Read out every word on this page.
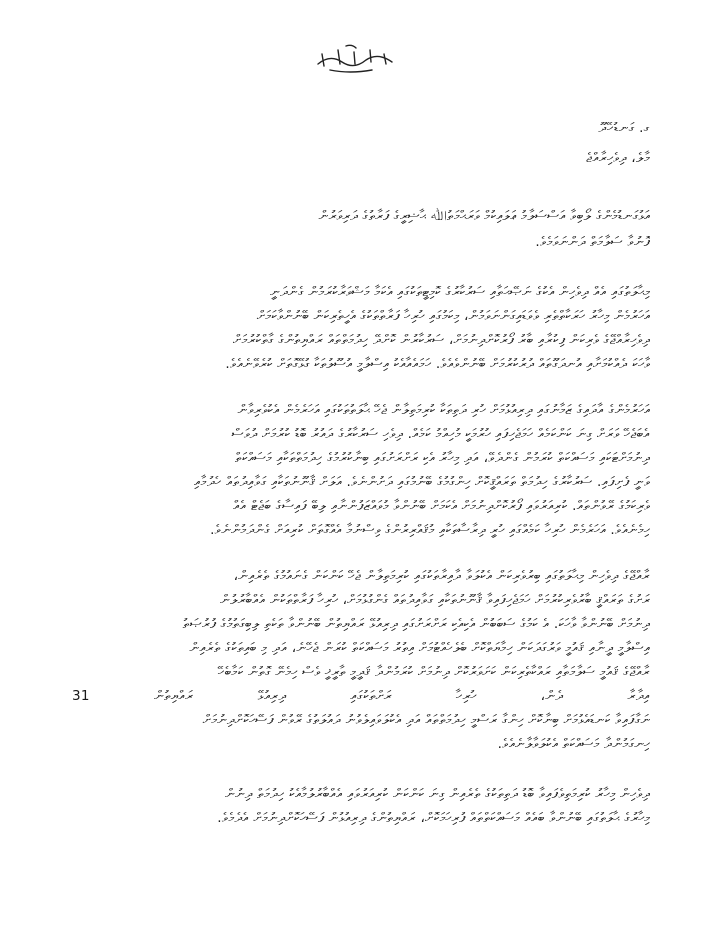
ގ. ގަނޑުހޭދޫ
މާލެ، ދިވެހިރާއްޖެ
އަޅުގަނޑުމެންގެ ލޯބިވާ އަސްސަލާމު ޢަލައިކުމް ވަރަޙްމަތުﷲ ޙާޟިރީގެ ފަރާތުގެ ދަރިވަރުން
ފޮނުވާ ސަލާމަތް ދަންނަވަމެވެ.
މިޙާލަތުގައި އެއް ދިވެހިން އެކުގެ ނަޞޭޙަތާއި ސަރުކާރުގެ ކޮމިޓީތަކުގައި އެކަމާ މަޝްވަރާކުރަމުން ގެންދަނީ
އަހަރުމެން މިހާރު ހަރަކާތްތެރި ވެވަޑައިގަންނަވަމުން، މިކަމުގައި ހުރިހާ ފަރާތްތަކުގެ އެހީތެރިކަން ބޭނުންވާކަމަށް
ދިވެހިރާއްޖޭގެ ވެރިކަން ފިކުރާއި ބާރު ފޯރުކޮށްދިނުމަށް، ސަރުކާރުން ކޮށްދޭ ހިދުމަތްތައް ރައްޔިތުންގެ ގާތްކުރުމަށް
ވާހަކަ ދެއްކުމަށާއި އުނދަގޫތައް ދުރުކުރުމަށް ބޭނުންވެއެވެ. ހަމައެއާއެކު އިސްލާމީ އުސޫލުތަކާ ގުޅޭގޮތަށް ކުރެވޭނެއެވެ.
އަހަރުމެންގެ އާދައިގެ ޒަމާނުގައި ދިރިއުޅުމަށް ހުރި ދަތިތަކާ ކުރިމަތިލާން ޖެހޭ ޙާލަތުތަކުގައި އަހަރެމެން އެކުވެރިވާން
އެބަޖެހޭ ވަރަށް ގިނަ ކަންކަމެއް ހަމަޖެހިފައި ހުރުމަކީ މުހިއްމު ކަމެއް. ދިވެހި ސަރުކާރުގެ ދައުރު ބޮޑު ކުރުމަށް ދުވަސް
ދިނުމަށްޓަކައި މަސައްކަތް ކުރަމުން ގެންދެވޭ، އަދި މިހާރު އެކި ރަށްރަށުގައި ބިނާކުރުމުގެ ހިދުމަތްތަކާއި މަސައްކަތް
ވަނީ ފެށިފައި. ސަރުކާރުގެ ހިދުމަތް ތަރައްޤީކޮށް ހިންގުމުގެ ބޭނުމުގައި ދަށުންނެވެ. އަލަށް ޤާނޫނުތަކާއި ގަވާއިދުތައް ހެދުމާއި
ވެރިކަމުގެ ރޭވުންތައް. ކުރިއަރުވައި ފޯރުކޮށްދިނުމަށް އެކަމަށް ބޭނުންވާ މުވައްޒަފުންނާއި ލިބޭ ފައިސާގެ ބަޖެޓް އެއް
ހިމެނެއެވެ. އަހަރެމެން ހުރިހާ ކަމެއްގައި ހުރީ ދިރާސާތަކާއި މުޤައްރިރުންގެ ވިސްނުމާ އެއްގޮތަށް ކުރިއަށް ގެންދަމުންނެވެ.
ރާއްޖޭގެ ދިވެހިން މިޙާލަތުގައި ބިރުވެރިކަން އެކުލަވާ ދާއިރާތަކުގައި ކުރިމަތިލާން ޖެހޭ ކަންކަން ގެނައުމުގެ ތެރެއިން،
ރަށުގެ ތަރައްޤީ ބާރުވެރިކުރުމަށް ހަމަޖެހިފައިވާ ޤާނޫނުތަކާއި ގަވާއިދުތައް ގެންގުޅުމަށް، ހުރިހާ ފަރާތްތަކުން އެއްބާރުލުން
ދިނުމަށް ބޭނުންވާ ވާހަކަ. އެ ކަމުގެ ސަބަބުން އެކިއެކި ރަށްރަށުގައި ދިރިއުޅޭ ރައްޔިތުން ބޭނުންވާ ތަކެތި ލިބިގަތުމުގެ ފުރުޞަތު
އިސްލާމީ ދީނާއި ޤައުމީ ވަރުގަދަކަން ހިމާޔަތްކޮށް ބެލެހެއްޓުމަށް އިތުރު މަސައްކަތް ކުރަން ޖެހޭނެ، އަދި މި ބައިތަކުގެ ތެރެއިން
ރާއްޖޭގެ ޤައުމީ ސަލާމަތާއި ރައްކާތެރިކަން ކަށަވަރުކޮށް ދިނުމަށް ކުރަމުންދާ ޤަދީމީ ތާރީޚީ ވެސް ހިމެނޭ ގޮތުން ކަމާބެހޭ
އިދާރާ ދެން، ހުރިހާ ރަށްތަކުގައި ދިރިއުޅޭ ރައްޔިތުން 13
ނަގާފައިވާ ކަނޑައެޅުމަށް ބިނާކޮށް ހިންގާ ރަސްމީ ހިދުމަތްތައް އަދި އެކުލަވައިލެވުނު ދައުލަތުގެ ރޭވުން ފަސޭހަކޮށްދިނުމަށް
ހިނގަމުންދާ މަސައްކަތް އެކުލަވާލާނެއެވެ.
ދިވެހިން މިހާރު ކުރިމަތިވެފައިވާ ބޮޑު ދަތިތަކުގެ ތެރެއިން ގިނަ ކަންކަން ކުރިއަރުވައި އެއްބާރުލުމާއެކު ހިދުމަތް ދިނުން
މިހާރުގެ ޙާލަތުގައި ބޭނުންވާ ބައެއް މަސައްކަތްތައް ފުރިހަމަކޮށް، ރައްޔިތުންގެ ދިރިއުޅުން ފަސޭހަކޮށްދިނުމަށް އެދެމެވެ.
